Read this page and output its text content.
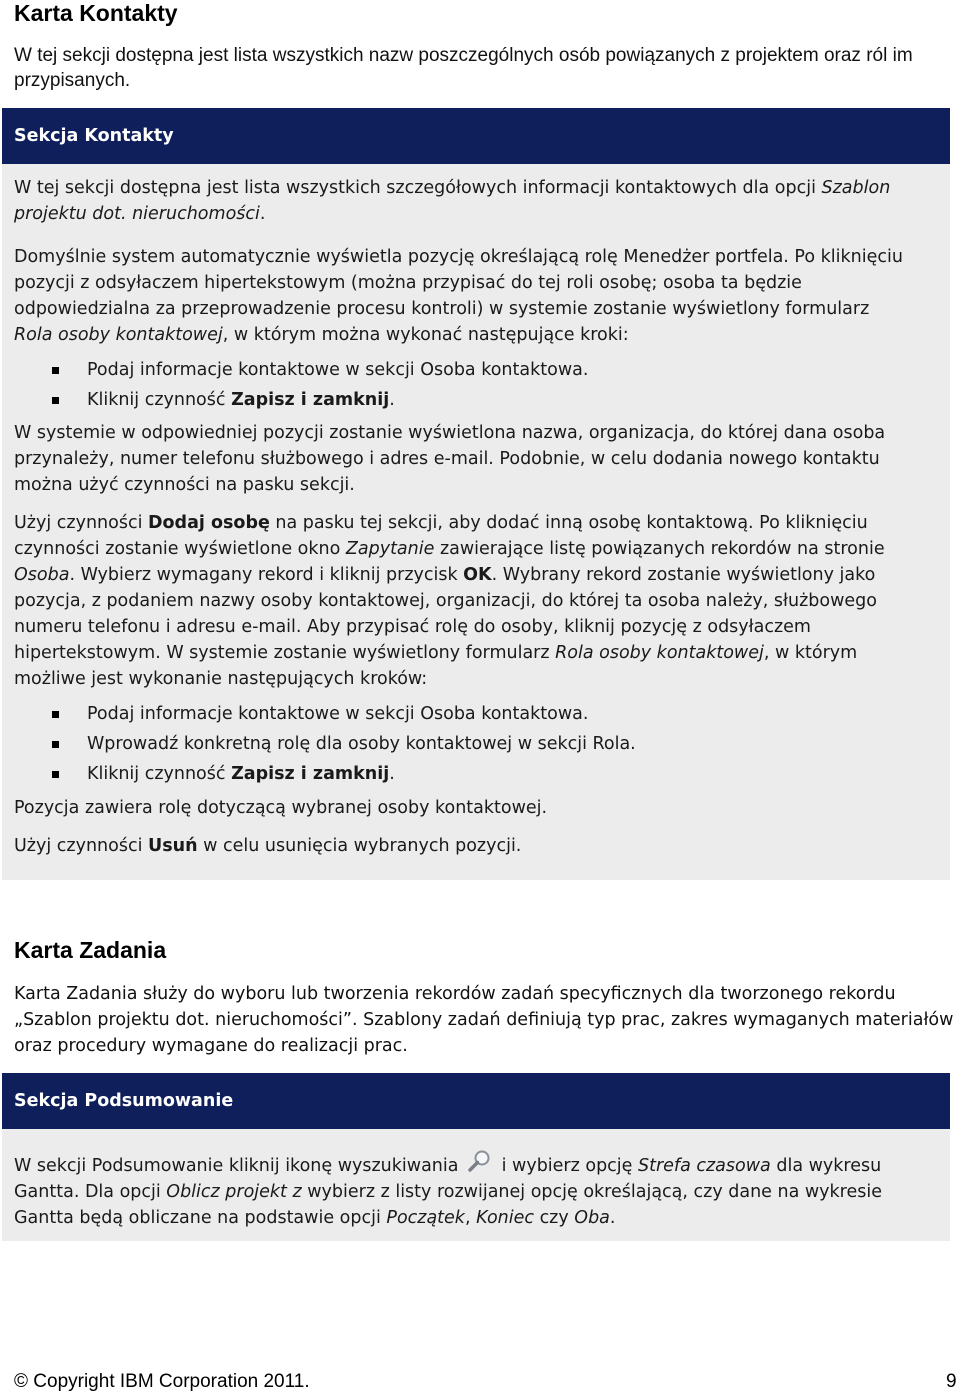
Karta Kontakty
W tej sekcji dostępna jest lista wszystkich nazw poszczególnych osób powiązanych z projektem oraz ról im przypisanych.
Sekcja Kontakty

W tej sekcji dostępna jest lista wszystkich szczegółowych informacji kontaktowych dla opcji Szablon
projektu dot. nieruchomości.

Domyślnie system automatycznie wyświetla pozycję określającą rolę Menedżer portfela. Po kliknięciu
pozycji z odsyłaczem hipertekstowym (można przypisać do tej roli osobę; osoba ta będzie
odpowiedzialna za przeprowadzenie procesu kontroli) w systemie zostanie wyświetlony formularz
Rola osoby kontaktowej, w którym można wykonać następujące kroki:

Podaj informacje kontaktowe w sekcji Osoba kontaktowa.
Kliknij czynność Zapisz i zamknij.

W systemie w odpowiedniej pozycji zostanie wyświetlona nazwa, organizacja, do której dana osoba
przynależy, numer telefonu służbowego i adres e-mail. Podobnie, w celu dodania nowego kontaktu
można użyć czynności na pasku sekcji.

Użyj czynności Dodaj osobę na pasku tej sekcji, aby dodać inną osobę kontaktową. Po kliknięciu
czynności zostanie wyświetlone okno Zapytanie zawierające listę powiązanych rekordów na stronie
Osoba. Wybierz wymagany rekord i kliknij przycisk OK. Wybrany rekord zostanie wyświetlony jako
pozycja, z podaniem nazwy osoby kontaktowej, organizacji, do której ta osoba należy, służbowego
numeru telefonu i adresu e-mail. Aby przypisać rolę do osoby, kliknij pozycję z odsyłaczem
hipertekstowym. W systemie zostanie wyświetlony formularz Rola osoby kontaktowej, w którym
możliwe jest wykonanie następujących kroków:

Podaj informacje kontaktowe w sekcji Osoba kontaktowa.
Wprowadź konkretną rolę dla osoby kontaktowej w sekcji Rola.
Kliknij czynność Zapisz i zamknij.

Pozycja zawiera rolę dotyczącą wybranej osoby kontaktowej.

Użyj czynności Usuń w celu usunięcia wybranych pozycji.

Karta Zadania
Karta Zadania służy do wyboru lub tworzenia rekordów zadań specyficznych dla tworzonego rekordu „Szablon projektu dot. nieruchomości”. Szablony zadań definiują typ prac, zakres wymaganych materiałów oraz procedury wymagane do realizacji prac.
Sekcja Podsumowanie

W sekcji Podsumowanie kliknij ikonę wyszukiwania  i wybierz opcję Strefa czasowa dla wykresu
Gantta. Dla opcji Oblicz projekt z wybierz z listy rozwijanej opcję określającą, czy dane na wykresie
Gantta będą obliczane na podstawie opcji Początek, Koniec czy Oba.

© Copyright IBM Corporation 2011.	9
